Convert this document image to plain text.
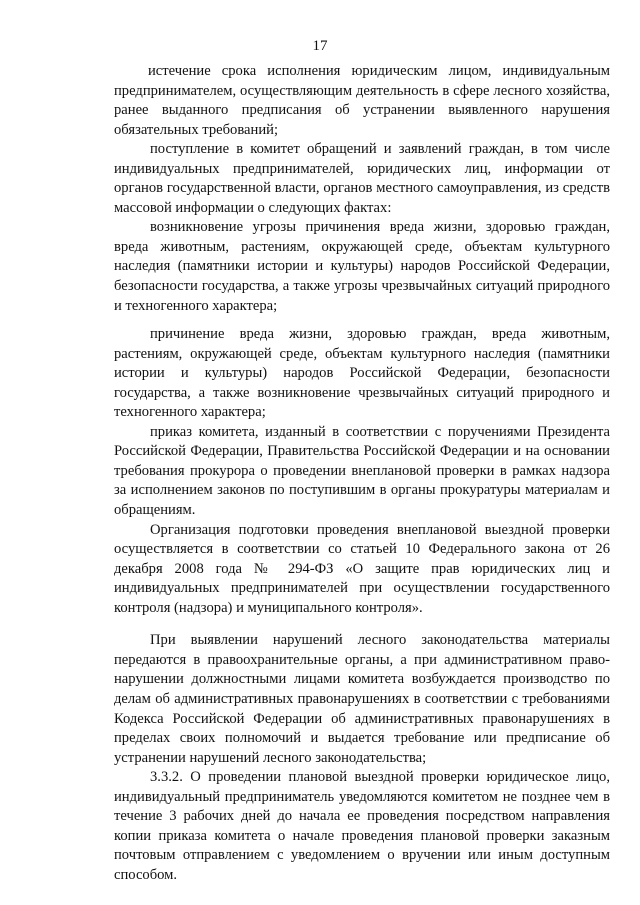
17

истечение срока исполнения юридическим лицом, индивидуальным предпринимателем, осуществляющим деятельность в сфере лесного хозяйства, ранее выданного предписания об устранении выявленного нарушения обязательных требований;

поступление в комитет обращений и заявлений граждан, в том числе индивидуальных предпринимателей, юридических лиц, информации от органов государственной власти, органов местного самоуправления, из средств массовой информации о следующих фактах:

возникновение угрозы причинения вреда жизни, здоровью граждан, вреда животным, растениям, окружающей среде, объектам культурного наследия (памятники истории и культуры) народов Российской Федерации, безопасности государства, а также угрозы чрезвычайных ситуаций природного и техногенного характера;

причинение вреда жизни, здоровью граждан, вреда животным, растениям, окружающей среде, объектам культурного наследия (памятники истории и культуры) народов Российской Федерации, безопасности государства, а также возникновение чрезвычайных ситуаций природного и техногенного характера;

приказ комитета, изданный в соответствии с поручениями Президента Российской Федерации, Правительства Российской Федерации и на основании требования прокурора о проведении внеплановой проверки в рамках надзора за исполнением законов по поступившим в органы прокуратуры материалам и обращениям.

Организация подготовки проведения внеплановой выездной проверки осуществляется в соответствии со статьей 10 Федерального закона от 26 декабря 2008 года № 294-ФЗ «О защите прав юридических лиц и индивидуальных предпринимателей при осуществлении государственного контроля (надзора) и муниципального контроля».

При выявлении нарушений лесного законодательства материалы передаются в правоохранительные органы, а при административном право-нарушении должностными лицами комитета возбуждается производство по делам об административных правонарушениях в соответствии с требованиями Кодекса Российской Федерации об административных правонарушениях в пределах своих полномочий и выдается требование или предписание об устранении нарушений лесного законодательства;

3.3.2. О проведении плановой выездной проверки юридическое лицо, индивидуальный предприниматель уведомляются комитетом не позднее чем в течение 3 рабочих дней до начала ее проведения посредством направления копии приказа комитета о начале проведения плановой проверки заказным почтовым отправлением с уведомлением о вручении или иным доступным способом.
